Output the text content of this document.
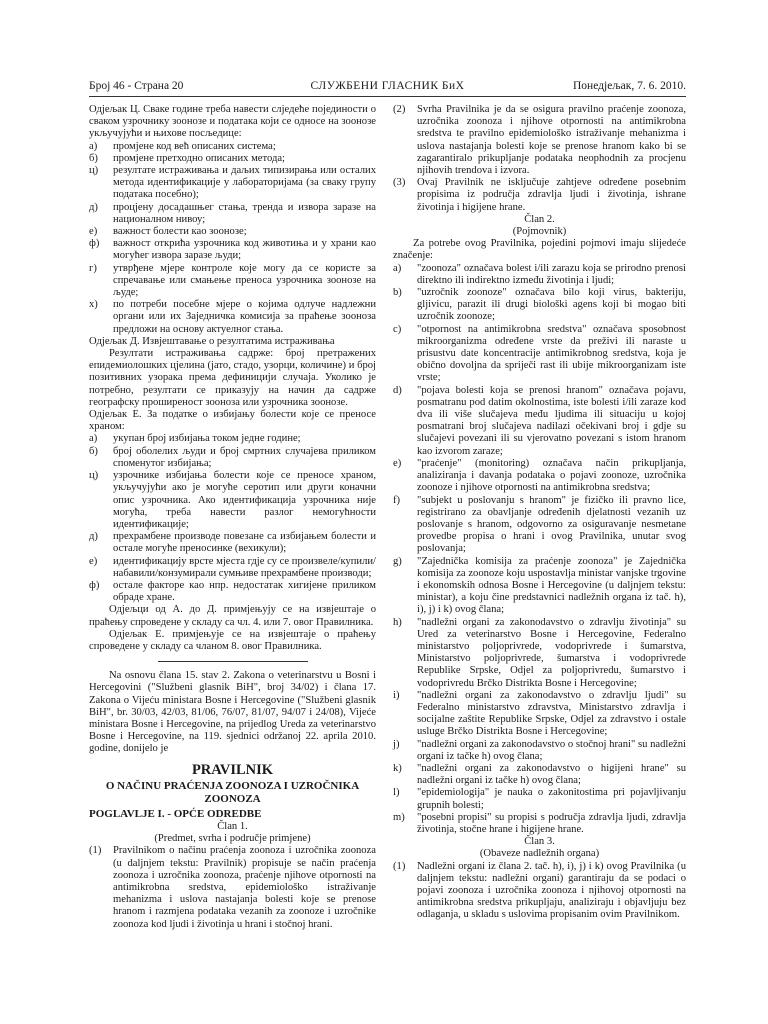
Број 46 - Страна 20	СЛУЖБЕНИ ГЛАСНИК БиХ	Понедјељак, 7. 6. 2010.

Одјељак Ц. Сваке године треба навести слједеће појединости о сваком узрочнику зоонозе и података који се односе на зоонозе укључујући и њихове посљедице:

а)	промјене код већ описаних система;
б)	промјене претходно описаних метода;
ц)	резултате истраживања и даљих типизирања или осталих метода идентификације у лабораторијама (за сваку групу података посебно);
д)	процјену досадашњег стања, трендa и извора заразе на националном нивоу;
е)	важност болести као зоонозе;
ф)	важност открића узрочника код животиња и у храни као могућег извора заразе људи;
г)	утврђене мјере контроле које могу да се користе за спречавање или смањење преноса узрочника зоонозе на људе;
х)	по потреби посебне мјере о којима одлуче надлежни органи или их Заједничка комисија за праћење зооноза предложи на основу актуелног стања.

Одјељак Д. Извјештавање о резултатима истраживања

Резултати истраживања садрже: број претражених епидемиолошких цјелина (јато, стадо, узорци, количине) и број позитивних узорака према дефиницији случаја. Уколико је потребно, резултати се приказују на начин да садрже географску проширеност зооноза или узрочника зоонозе.

Одјељак Е. За податке о избијању болести које се преносе храном:

а)	укупан број избијања током једне године;
б)	број оболелих људи и број смртних случајева приликом споменутог избијања;
ц)	узрочнике избијања болести које се преносе храном, укључујући ако је могуће серотип или други коначни опис узрочника. Ако идентификација узрочника није могућа, треба навести разлог немогућности идентификације;
д)	прехрамбене производе повезане са избијањем болести и остале могуће преносинке (вехикули);
е)	идентификацију врсте мјеста гдје су се произвеле/купили/набавили/конзумирали сумњиве прехрамбене производи;
ф)	остале факторе као нпр. недостатак хигијене приликом обраде хране.

Одјељци од А. до Д. примјењују се на извјештаје о праћењу спроведене у складу са чл. 4. или 7. овог Правилника.

Одјељак Е. примјењује се на извјештаје о праћењу спроведене у складу са чланом 8. овог Правилника.

Na osnovu člana 15. stav 2. Zakona o veterinarstvu u Bosni i Hercegovini ("Službeni glasnik BiH", broj 34/02) i člana 17. Zakona o Vijeću ministara Bosne i Hercegovine ("Službeni glasnik BiH", br. 30/03, 42/03, 81/06, 76/07, 81/07, 94/07 i 24/08), Vijeće ministara Bosne i Hercegovine, na prijedlog Ureda za veterinarstvo Bosne i Hercegovine, na 119. sjednici održanoj 22. aprila 2010. godine, donijelo je

PRAVILNIK
O NAČINU PRAĆENJA ZOONOZA I UZROČNIKA
ZOONOZA
POGLAVLJE I. - OPĆE ODREDBE
Član 1.
(Predmet, svrha i područje primjene)
(1)	Pravilnikom o načinu praćenja zoonoza i uzročnika zoonoza (u daljnjem tekstu: Pravilnik) propisuje se način praćenja zoonoza i uzročnika zoonoza, praćenje njihove otpornosti na antimikrobna sredstva, epidemiološko istraživanje mehanizma i uslova nastajanja bolesti koje se prenose hranom i razmjena podataka vezanih za zoonoze i uzročnike zoonoza kod ljudi i životinja u hrani i stočnoj hrani.
(2)	Svrha Pravilnika je da se osigura pravilno praćenje zoonoza, uzročnika zoonoza i njihove otpornosti na antimikrobna sredstva te pravilno epidemiološko istraživanje mehanizma i uslova nastajanja bolesti koje se prenose hranom kako bi se zagarantiralo prikupljanje podataka neophodnih za procjenu njihovih trendova i izvora.
(3)	Ovaj Pravilnik ne isključuje zahtjeve određene posebnim propisima iz područja zdravlja ljudi i životinja, ishrane životinja i higijene hrane.
Član 2.
(Pojmovnik)

Za potrebe ovog Pravilnika, pojedini pojmovi imaju slijedeće značenje:

a)	"zoonoza" označava bolest i/ili zarazu koja se prirodno prenosi direktno ili indirektno između životinja i ljudi;
b)	"uzročnik zoonoze" označava bilo koji virus, bakteriju, gljivicu, parazit ili drugi biološki agens koji bi mogao biti uzročnik zoonoze;
c)	"otpornost na antimikrobna sredstva" označava sposobnost mikroorganizma određene vrste da preživi ili naraste u prisustvu date koncentracije antimikrobnog sredstva, koja je obično dovoljna da spriječi rast ili ubije mikroorganizam iste vrste;
d)	"pojava bolesti koja se prenosi hranom" označava pojavu, posmatranu pod datim okolnostima, iste bolesti i/ili zaraze kod dva ili više slučajeva među ljudima ili situaciju u kojoj posmatrani broj slučajeva nadilazi očekivani broj i gdje su slučajevi povezani ili su vjerovatno povezani s istom hranom kao izvorom zaraze;
e)	"praćenje" (monitoring) označava način prikupljanja, analiziranja i davanja podataka o pojavi zoonoze, uzročnika zoonoze i njihove otpornosti na antimikrobna sredstva;
f)	"subjekt u poslovanju s hranom" je fizičko ili pravno lice, registrirano za obavljanje određenih djelatnosti vezanih uz poslovanje s hranom, odgovorno za osiguravanje nesmetane provedbe propisa o hrani i ovog Pravilnika, unutar svog poslovanja;
g)	"Zajednička komisija za praćenje zoonoza" je Zajednička komisija za zoonoze koju uspostavlja ministar vanjske trgovine i ekonomskih odnosa Bosne i Hercegovine (u daljnjem tekstu: ministar), a koju čine predstavnici nadležnih organa iz tač. h), i), j) i k) ovog člana;
h)	"nadležni organi za zakonodavstvo o zdravlju životinja" su Ured za veterinarstvo Bosne i Hercegovine, Federalno ministarstvo poljoprivrede, vodoprivrede i šumarstva, Ministarstvo poljoprivrede, šumarstva i vodoprivrede Republike Srpske, Odjel za poljoprivredu, šumarstvo i vodoprivredu Brčko Distrikta Bosne i Hercegovine;
i)	"nadležni organi za zakonodavstvo o zdravlju ljudi" su Federalno ministarstvo zdravstva, Ministarstvo zdravlja i socijalne zaštite Republike Srpske, Odjel za zdravstvo i ostale usluge Brčko Distrikta Bosne i Hercegovine;
j)	"nadležni organi za zakonodavstvo o stočnoj hrani" su nadležni organi iz tačke h) ovog člana;
k)	"nadležni organi za zakonodavstvo o higijeni hrane" su nadležni organi iz tačke h) ovog člana;
l)	"epidemiologija" je nauka o zakonitostima pri pojavljivanju grupnih bolesti;
m)	"posebni propisi" su propisi s područja zdravlja ljudi, zdravlja životinja, stočne hrane i higijene hrane.
Član 3.
(Obaveze nadležnih organa)
(1)	Nadležni organi iz člana 2. tač. h), i), j) i k) ovog Pravilnika (u daljnjem tekstu: nadležni organi) garantiraju da se podaci o pojavi zoonoza i uzročnika zoonoza i njihovoj otpornosti na antimikrobna sredstva prikupljaju, analiziraju i objavljuju bez odlaganja, u skladu s uslovima propisanim ovim Pravilnikom.
